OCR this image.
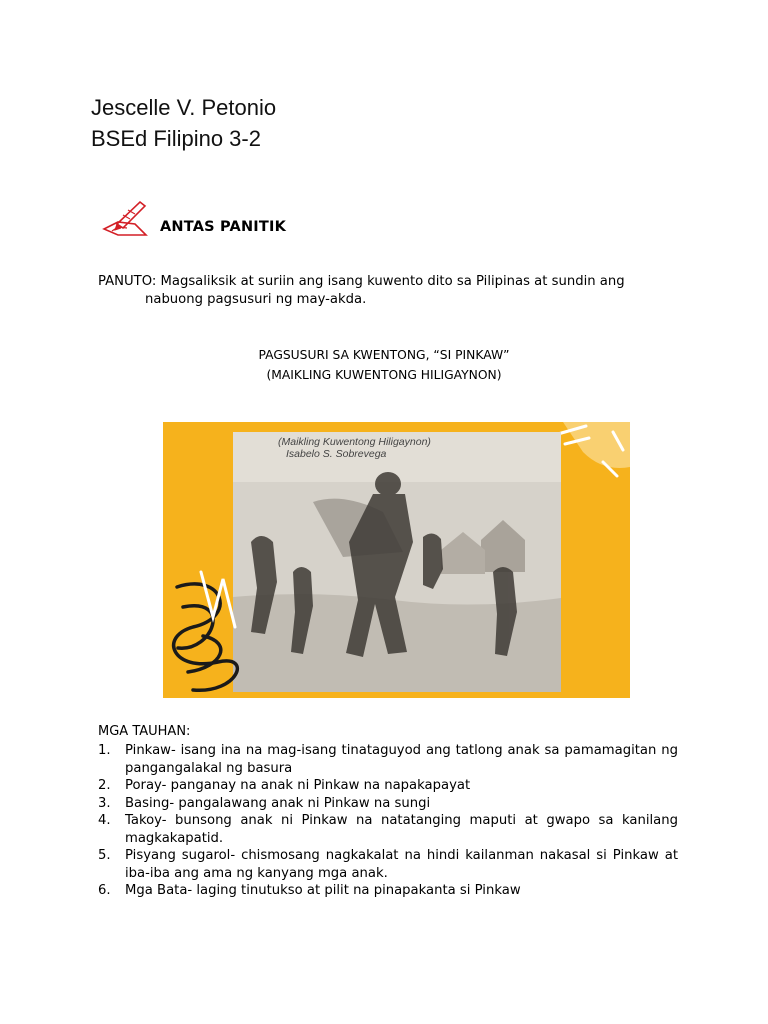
Jescelle V. Petonio
BSEd Filipino 3-2
ANTAS PANITIK
PANUTO: Magsaliksik at suriin ang isang kuwento dito sa Pilipinas at sundin ang
nabuong pagsusuri ng may-akda.
PAGSUSURI SA KWENTONG, “SI PINKAW”
(MAIKLING KUWENTONG HILIGAYNON)
(Maikling Kuwentong Hiligaynon)
Isabelo S. Sobrevega
MGA TAUHAN:
1. Pinkaw- isang ina na mag-isang tinataguyod ang tatlong anak sa pamamagitan ng pangangalakal ng basura
2. Poray- panganay na anak ni Pinkaw na napakapayat
3. Basing- pangalawang anak ni Pinkaw na sungi
4. Takoy- bunsong anak ni Pinkaw na natatanging maputi at gwapo sa kanilang magkakapatid.
5. Pisyang sugarol- chismosang nagkakalat na hindi kailanman nakasal si Pinkaw at iba-iba ang ama ng kanyang mga anak.
6. Mga Bata- laging tinutukso at pilit na pinapakanta si Pinkaw
